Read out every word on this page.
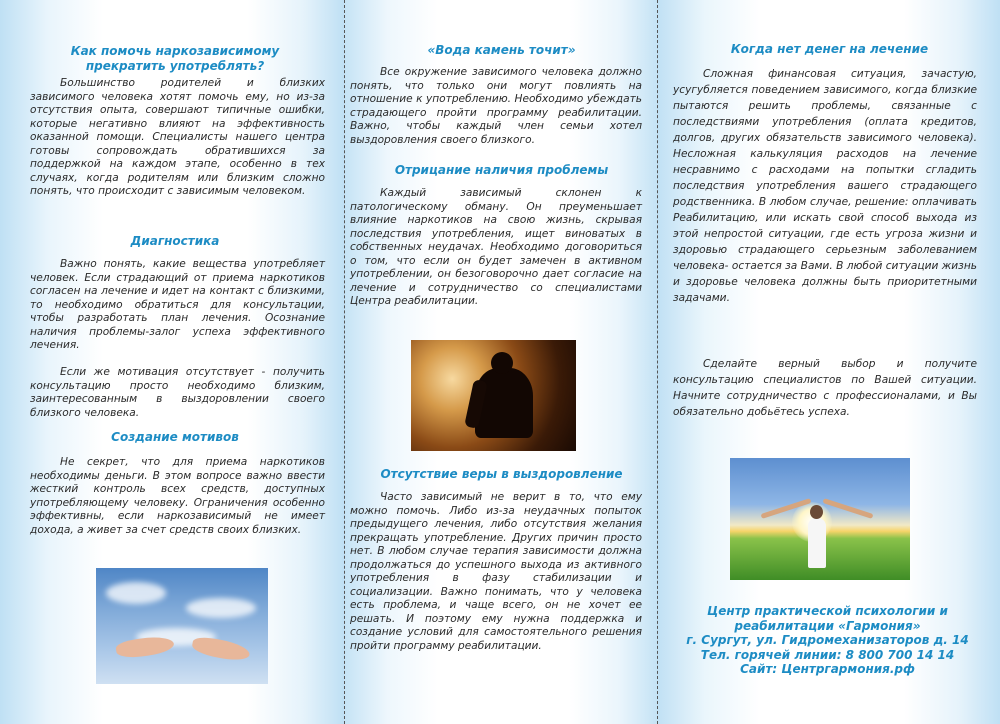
Как помочь наркозависимому прекратить употреблять?
Большинство родителей и близких зависимого человека хотят помочь ему, но из-за отсутствия опыта, совершают типичные ошибки, которые негативно влияют на эффективность оказанной помощи. Специалисты нашего центра готовы сопровождать обратившихся за поддержкой на каждом этапе, особенно в тех случаях, когда родителям или близким сложно понять, что происходит с зависимым человеком.
Диагностика
Важно понять, какие вещества употребляет человек. Если страдающий от приема наркотиков согласен на лечение и идет на контакт с близкими, то необходимо обратиться для консультации, чтобы разработать план лечения. Осознание наличия проблемы-залог успеха эффективного лечения.
Если же мотивация отсутствует - получить консультацию просто необходимо близким, заинтересованным в выздоровлении своего близкого человека.
Создание мотивов
Не секрет, что для приема наркотиков необходимы деньги. В этом вопросе важно ввести жесткий контроль всех средств, доступных употребляющему человеку. Ограничения особенно эффективны, если наркозависимый не имеет дохода, а живет за счет средств своих близких.
«Вода камень точит»
Все окружение зависимого человека должно понять, что только они могут повлиять на отношение к употреблению. Необходимо убеждать страдающего пройти программу реабилитации. Важно, чтобы каждый член семьи хотел выздоровления своего близкого.
Отрицание наличия проблемы
Каждый зависимый склонен к патологическому обману. Он преуменьшает влияние наркотиков на свою жизнь, скрывая последствия употребления, ищет виноватых в собственных неудачах. Необходимо договориться о том, что если он будет замечен в активном употреблении, он безоговорочно дает согласие на лечение и сотрудничество со специалистами Центра реабилитации.
Отсутствие веры в выздоровление
Часто зависимый не верит в то, что ему можно помочь. Либо из-за неудачных попыток предыдущего лечения, либо отсутствия желания прекращать употребление. Других причин просто нет. В любом случае терапия зависимости должна продолжаться до успешного выхода из активного употребления в фазу стабилизации и социализации. Важно понимать, что у человека есть проблема, и чаще всего, он не хочет ее решать. И поэтому ему нужна поддержка и создание условий для самостоятельного решения пройти программу реабилитации.
Когда нет денег на лечение
Сложная финансовая ситуация, зачастую, усугубляется поведением зависимого, когда близкие пытаются решить проблемы, связанные с последствиями употребления (оплата кредитов, долгов, других обязательств зависимого человека). Несложная калькуляция расходов на лечение несравнимо с расходами на попытки сгладить последствия употребления вашего страдающего родственника. В любом случае, решение: оплачивать Реабилитацию, или искать свой способ выхода из этой непростой ситуации, где есть угроза жизни и здоровью страдающего серьезным заболеванием человека- остается за Вами. В любой ситуации жизнь и здоровье человека должны быть приоритетными задачами.
Сделайте верный выбор и получите консультацию специалистов по Вашей ситуации. Начните сотрудничество с профессионалами, и Вы обязательно добьётесь успеха.
Центр практической психологии и
реабилитации «Гармония»
г. Сургут, ул. Гидромеханизаторов д. 14
Тел. горячей линии: 8 800 700 14 14
Сайт: Центргармония.рф
